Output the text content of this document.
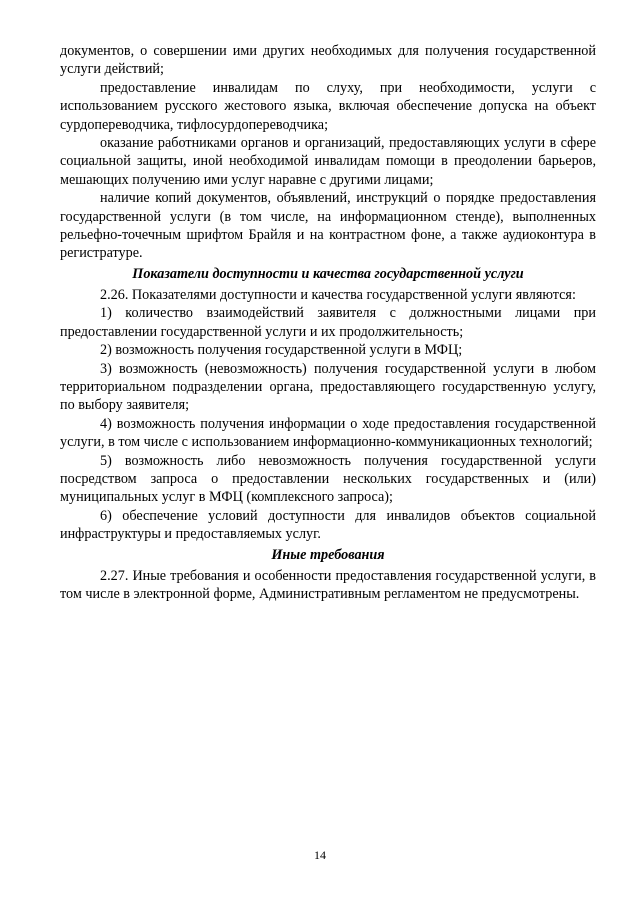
документов, о совершении ими других необходимых для получения государственной услуги действий;

предоставление инвалидам по слуху, при необходимости, услуги с использованием русского жестового языка, включая обеспечение допуска на объект сурдопереводчика, тифлосурдопереводчика;

оказание работниками органов и организаций, предоставляющих услуги в сфере социальной защиты, иной необходимой инвалидам помощи в преодолении барьеров, мешающих получению ими услуг наравне с другими лицами;

наличие копий документов, объявлений, инструкций о порядке предоставления государственной услуги (в том числе, на информационном стенде), выполненных рельефно-точечным шрифтом Брайля и на контрастном фоне, а также аудиоконтура в регистратуре.

Показатели доступности и качества государственной услуги

2.26. Показателями доступности и качества государственной услуги являются:

1) количество взаимодействий заявителя с должностными лицами при предоставлении государственной услуги и их продолжительность;

2) возможность получения государственной услуги в МФЦ;

3) возможность (невозможность) получения государственной услуги в любом территориальном подразделении органа, предоставляющего государственную услугу, по выбору заявителя;

4) возможность получения информации о ходе предоставления государственной услуги, в том числе с использованием информационно-коммуникационных технологий;

5) возможность либо невозможность получения государственной услуги посредством запроса о предоставлении нескольких государственных и (или) муниципальных услуг в МФЦ (комплексного запроса);

6) обеспечение условий доступности для инвалидов объектов социальной инфраструктуры и предоставляемых услуг.

Иные требования

2.27. Иные требования и особенности предоставления государственной услуги, в том числе в электронной форме, Административным регламентом не предусмотрены.

14
